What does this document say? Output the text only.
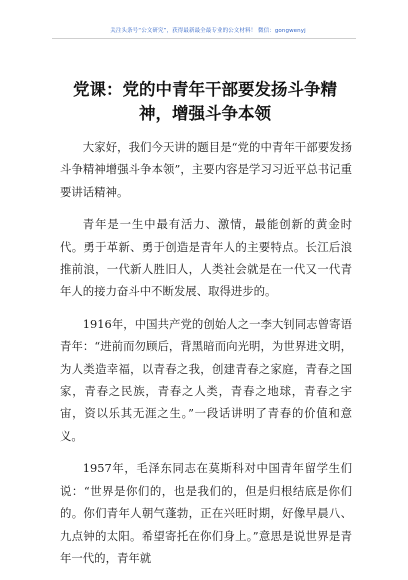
关注头条号“公文研究”，获得最新最全最专业的公文材料！ 微信：gongwenyj
党课：党的中青年干部要发扬斗争精神，增强斗争本领

大家好，我们今天讲的题目是“党的中青年干部要发扬斗争精神增强斗争本领”，主要内容是学习习近平总书记重要讲话精神。

青年是一生中最有活力、激情，最能创新的黄金时代。勇于革新、勇于创造是青年人的主要特点。长江后浪推前浪，一代新人胜旧人，人类社会就是在一代又一代青年人的接力奋斗中不断发展、取得进步的。

1916年，中国共产党的创始人之一李大钊同志曾寄语青年：“进前而勿顾后，背黑暗而向光明，为世界进文明，为人类造幸福，以青春之我，创建青春之家庭，青春之国家，青春之民族，青春之人类，青春之地球，青春之宇宙，资以乐其无涯之生。”一段话讲明了青春的价值和意义。

1957年，毛泽东同志在莫斯科对中国青年留学生们说：“世界是你们的，也是我们的，但是归根结底是你们的。你们青年人朝气蓬勃，正在兴旺时期，好像早晨八、九点钟的太阳。希望寄托在你们身上。”意思是说世界是青年一代的，青年就
